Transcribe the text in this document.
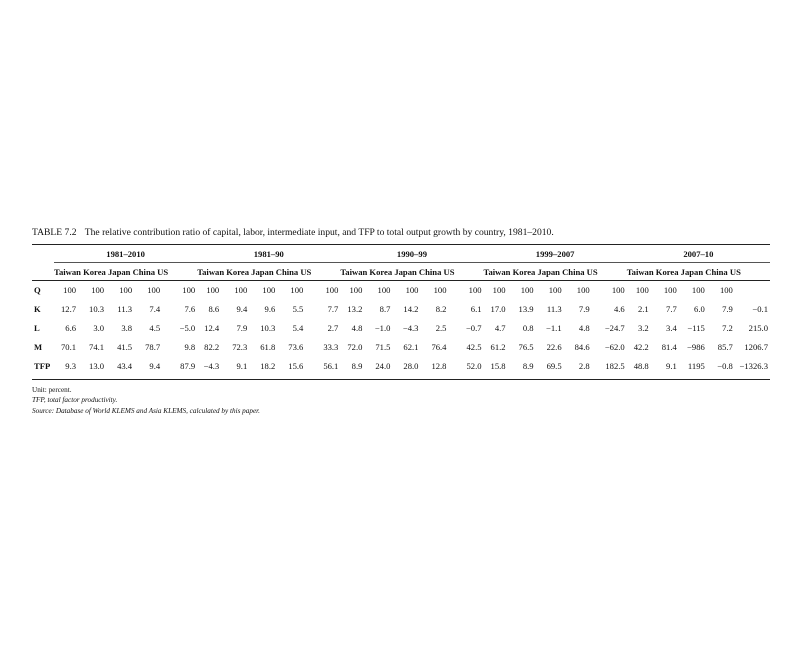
TABLE 7.2 The relative contribution ratio of capital, labor, intermediate input, and TFP to total output growth by country, 1981–2010.
	1981–2010					1981–90					1990–99					1999–2007					2007–10				
	Taiwan Korea Japan China US					Taiwan Korea Japan China US					Taiwan Korea Japan China US					Taiwan Korea Japan China US					Taiwan Korea Japan China US				
Q	100	100	100	100	100	100	100	100	100	100	100	100	100	100	100	100	100	100	100	100	100	100	100	100	
K	12.7	10.3	11.3	7.4	7.6	8.6	9.4	9.6	5.5	7.7	13.2	8.7	14.2	8.2	6.1	17.0	13.9	11.3	7.9	4.6	2.1	7.7	6.0	7.9	−0.1
L	6.6	3.0	3.8	4.5	−5.0	12.4	7.9	10.3	5.4	2.7	4.8	−1.0	−4.3	2.5	−0.7	4.7	0.8	−1.1	4.8	−24.7	3.2	3.4	−115	7.2	215.0
M	70.1	74.1	41.5	78.7	9.8	82.2	72.3	61.8	73.6	33.3	72.0	71.5	62.1	76.4	42.5	61.2	76.5	22.6	84.6	−62.0	42.2	81.4	−986	85.7	1206.7
TFP	9.3	13.0	43.4	9.4	87.9	−4.3	9.1	18.2	15.6	56.1	8.9	24.0	28.0	12.8	52.0	15.8	8.9	69.5	2.8	182.5	48.8	9.1	1195	−0.8	−1326.3
Unit: percent.
TFP, total factor productivity.
Source: Database of World KLEMS and Asia KLEMS, calculated by this paper.
